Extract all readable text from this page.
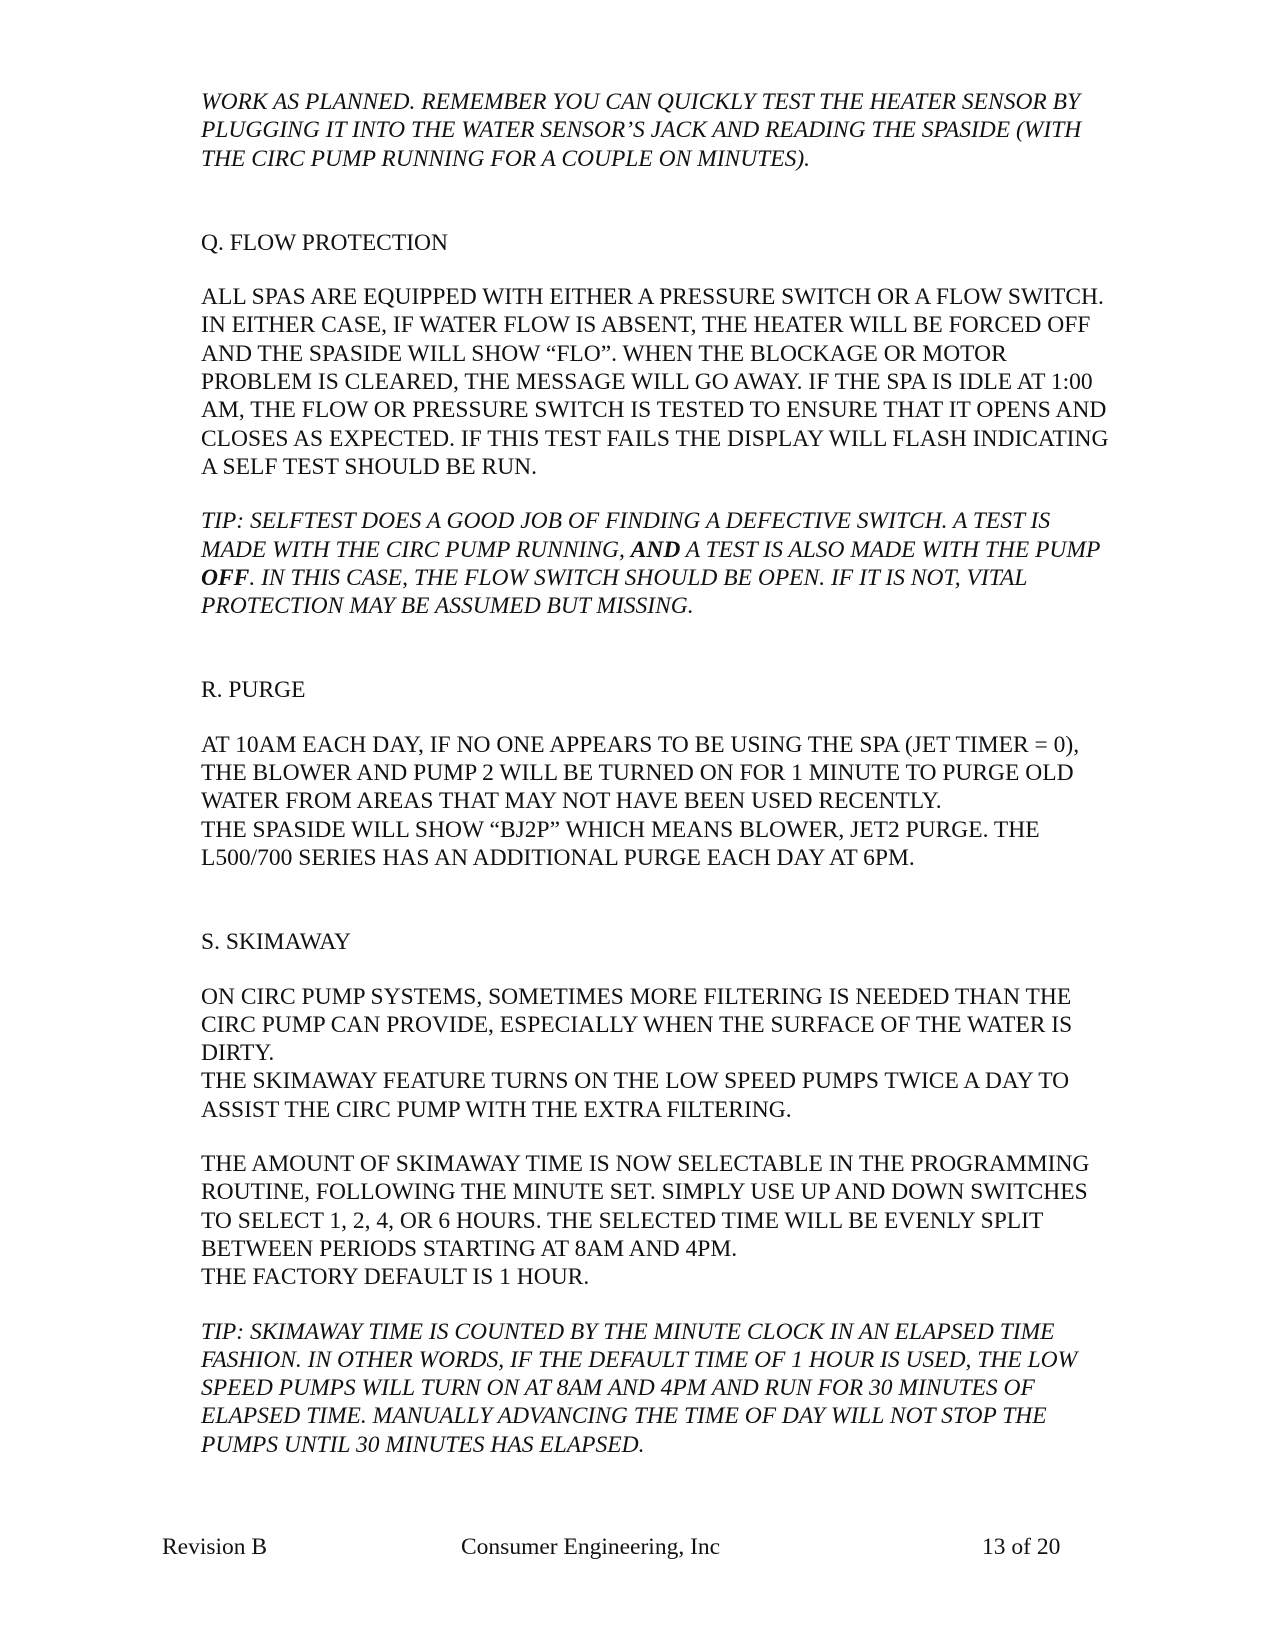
WORK AS PLANNED. REMEMBER YOU CAN QUICKLY TEST THE HEATER SENSOR BY
PLUGGING IT INTO THE WATER SENSOR’S JACK AND READING THE SPASIDE (WITH
THE CIRC PUMP RUNNING FOR A COUPLE ON MINUTES).

Q. FLOW PROTECTION

ALL SPAS ARE EQUIPPED WITH EITHER A PRESSURE SWITCH OR A FLOW SWITCH.
IN EITHER CASE, IF WATER FLOW IS ABSENT, THE HEATER WILL BE FORCED OFF
AND THE SPASIDE WILL SHOW “FLO”. WHEN THE BLOCKAGE OR MOTOR
PROBLEM IS CLEARED, THE MESSAGE WILL GO AWAY. IF THE SPA IS IDLE AT 1:00
AM, THE FLOW OR PRESSURE SWITCH IS TESTED TO ENSURE THAT IT OPENS AND
CLOSES AS EXPECTED. IF THIS TEST FAILS THE DISPLAY WILL FLASH INDICATING
A SELF TEST SHOULD BE RUN.

TIP: SELFTEST DOES A GOOD JOB OF FINDING A DEFECTIVE SWITCH. A TEST IS
MADE WITH THE CIRC PUMP RUNNING, AND A TEST IS ALSO MADE WITH THE PUMP
OFF. IN THIS CASE, THE FLOW SWITCH SHOULD BE OPEN. IF IT IS NOT, VITAL
PROTECTION MAY BE ASSUMED BUT MISSING.

R. PURGE

AT 10AM EACH DAY, IF NO ONE APPEARS TO BE USING THE SPA (JET TIMER = 0),
THE BLOWER AND PUMP 2 WILL BE TURNED ON FOR 1 MINUTE TO PURGE OLD
WATER FROM AREAS THAT MAY NOT HAVE BEEN USED RECENTLY.
THE SPASIDE WILL SHOW “BJ2P” WHICH MEANS BLOWER, JET2 PURGE. THE
L500/700 SERIES HAS AN ADDITIONAL PURGE EACH DAY AT 6PM.

S. SKIMAWAY

ON CIRC PUMP SYSTEMS, SOMETIMES MORE FILTERING IS NEEDED THAN THE
CIRC PUMP CAN PROVIDE, ESPECIALLY WHEN THE SURFACE OF THE WATER IS
DIRTY.
THE SKIMAWAY FEATURE TURNS ON THE LOW SPEED PUMPS TWICE A DAY TO
ASSIST THE CIRC PUMP WITH THE EXTRA FILTERING.

THE AMOUNT OF SKIMAWAY TIME IS NOW SELECTABLE IN THE PROGRAMMING
ROUTINE, FOLLOWING THE MINUTE SET. SIMPLY USE UP AND DOWN SWITCHES
TO SELECT 1, 2, 4, OR 6 HOURS. THE SELECTED TIME WILL BE EVENLY SPLIT
BETWEEN PERIODS STARTING AT 8AM AND 4PM.
THE FACTORY DEFAULT IS 1 HOUR.

TIP: SKIMAWAY TIME IS COUNTED BY THE MINUTE CLOCK IN AN ELAPSED TIME
FASHION. IN OTHER WORDS, IF THE DEFAULT TIME OF 1 HOUR IS USED, THE LOW
SPEED PUMPS WILL TURN ON AT 8AM AND 4PM AND RUN FOR 30 MINUTES OF
ELAPSED TIME. MANUALLY ADVANCING THE TIME OF DAY WILL NOT STOP THE
PUMPS UNTIL 30 MINUTES HAS ELAPSED.

Revision B	Consumer Engineering, Inc	13 of 20
